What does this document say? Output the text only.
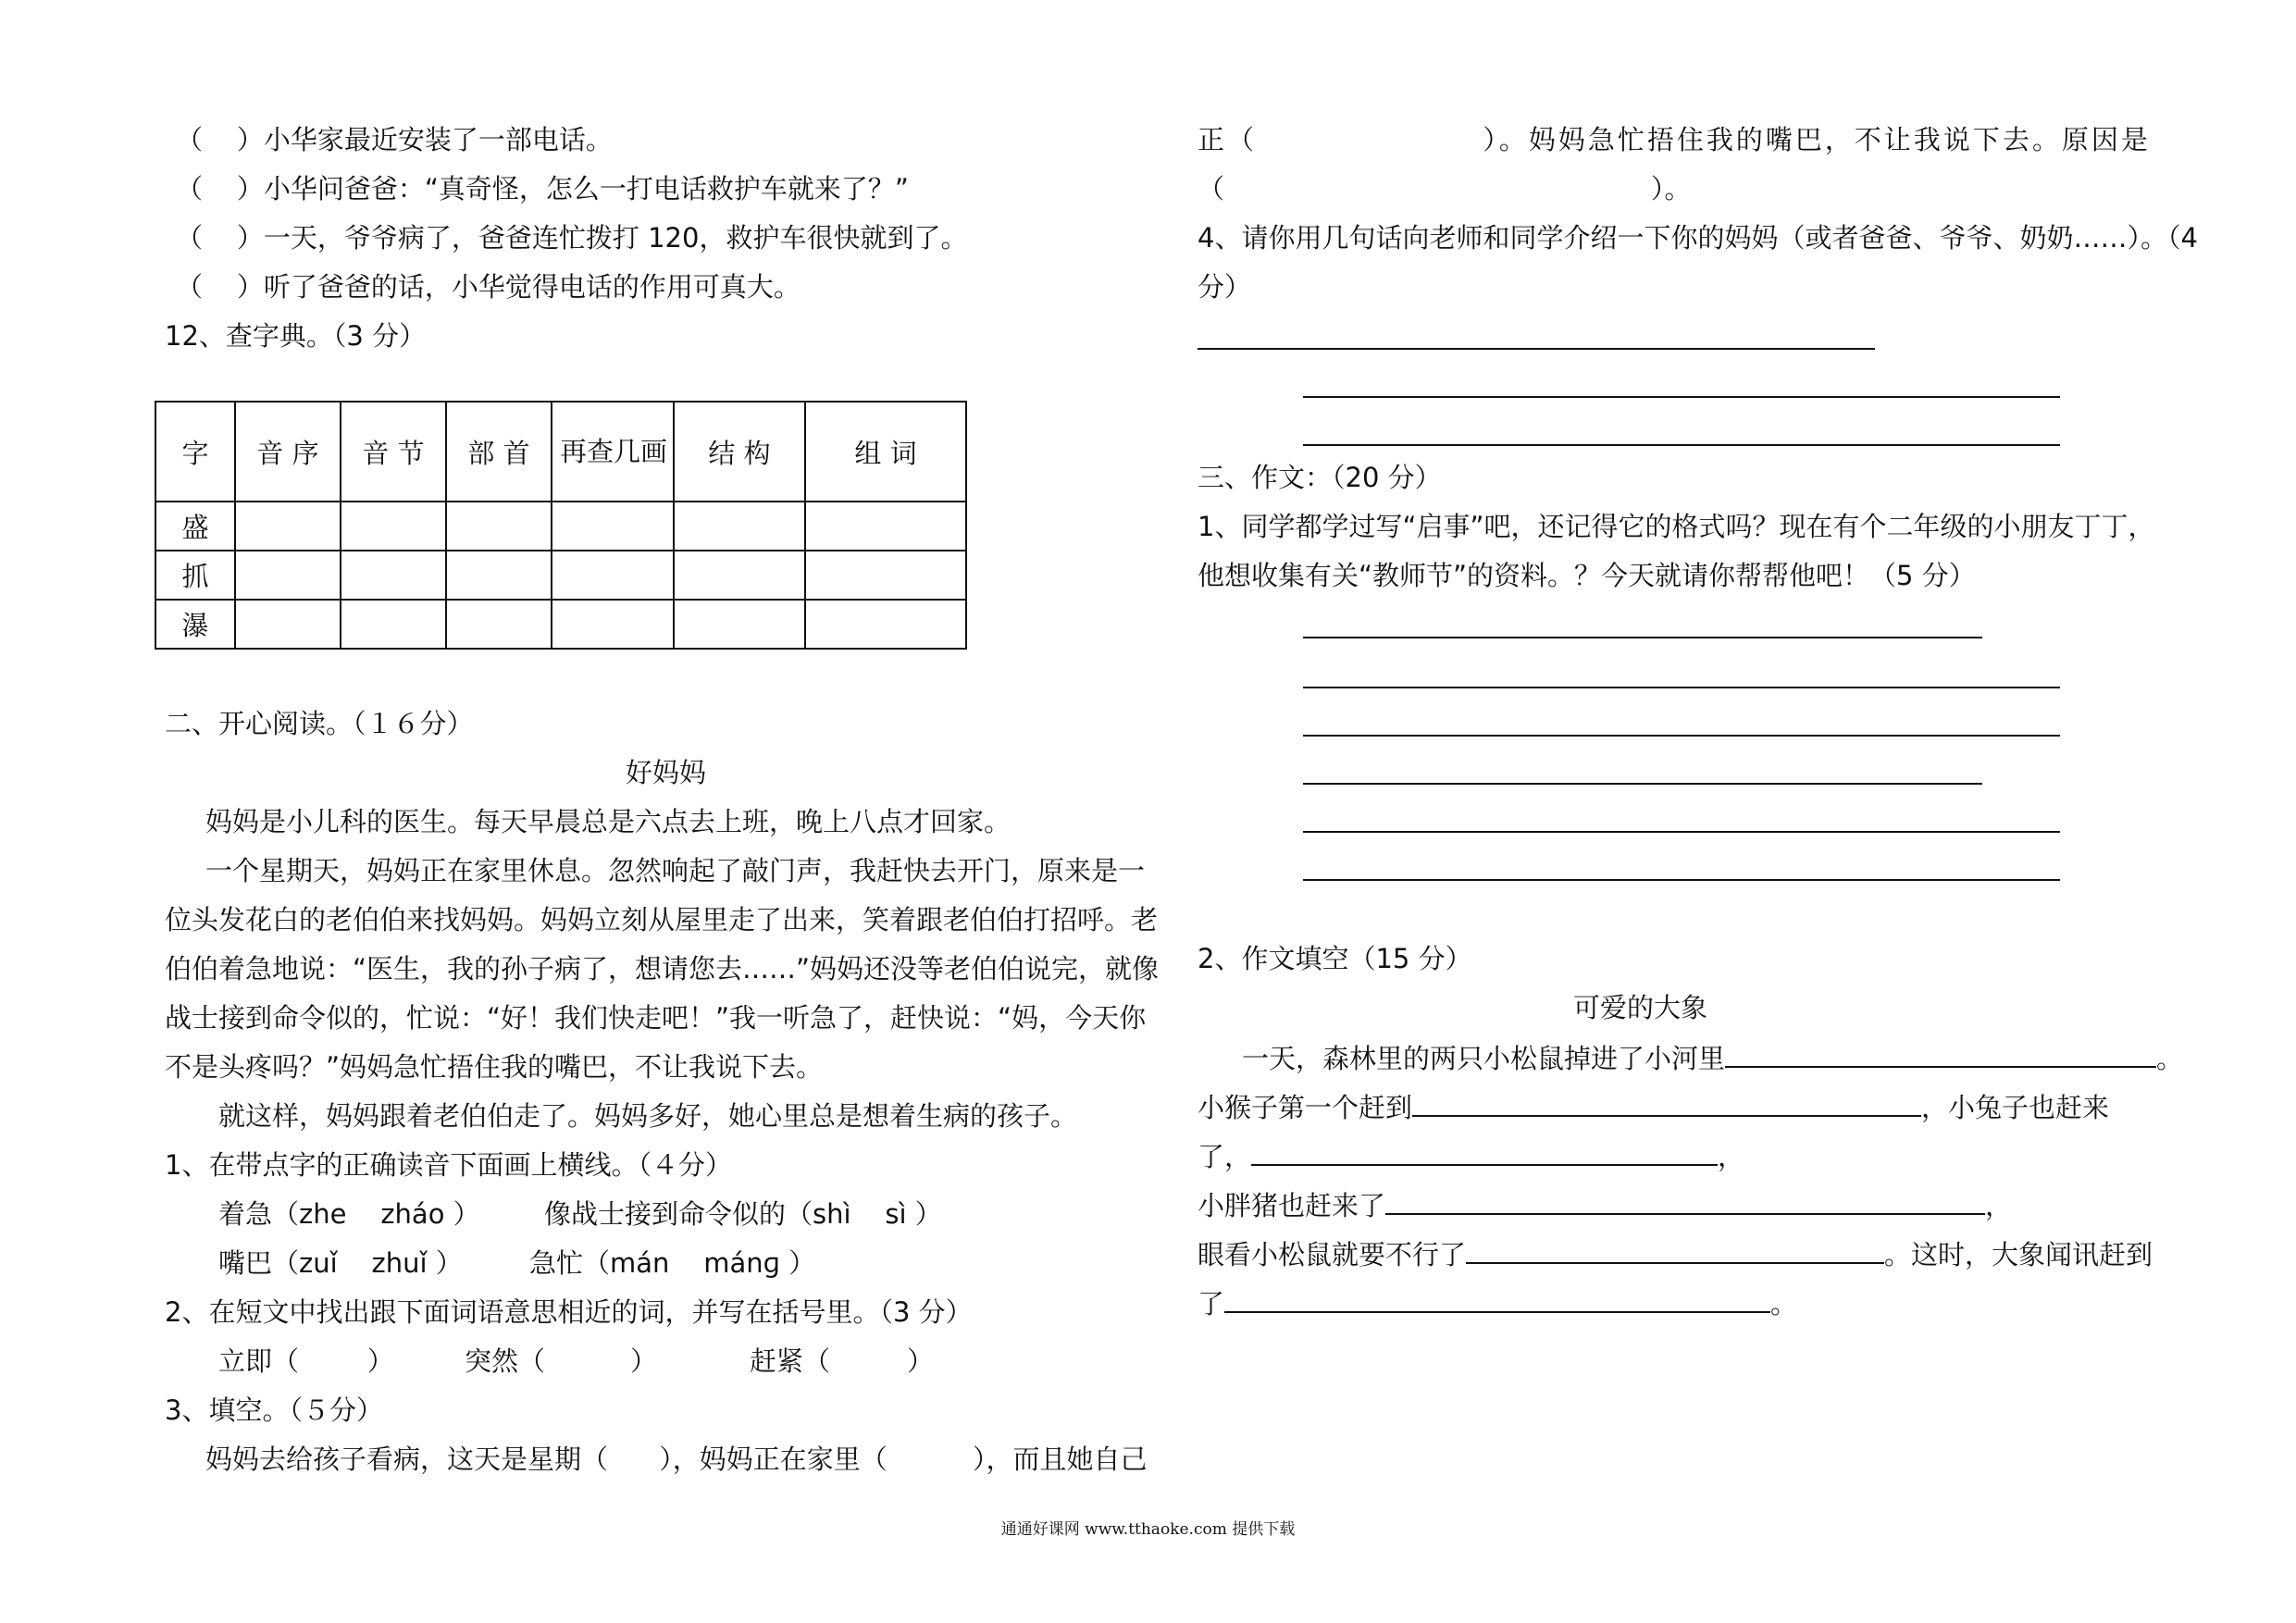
（    ）小华家最近安装了一部电话。
（    ）小华问爸爸：“真奇怪，怎么一打电话救护车就来了？”
（    ）一天，爷爷病了，爸爸连忙拨打 120，救护车很快就到了。
（    ）听了爸爸的话，小华觉得电话的作用可真大。
12、查字典。（3 分）
字	音 序	音 节	部 首	再查几画	结 构	组 词
盛						
抓						
瀑						
二、开心阅读。（１６分）
好妈妈
妈妈是小儿科的医生。每天早晨总是六点去上班，晚上八点才回家。
一个星期天，妈妈正在家里休息。忽然响起了敲门声，我赶快去开门，原来是一
位头发花白的老伯伯来找妈妈。妈妈立刻从屋里走了出来，笑着跟老伯伯打招呼。老
伯伯着急地说：“医生，我的孙子病了，想请您去……”妈妈还没等老伯伯说完，就像
战士接到命令似的，忙说：“好！我们快走吧！”我一听急了，赶快说：“妈，今天你
不是头疼吗？”妈妈急忙捂住我的嘴巴，不让我说下去。
就这样，妈妈跟着老伯伯走了。妈妈多好，她心里总是想着生病的孩子。
1、在带点字的正确读音下面画上横线。（４分）
着急（zhe    zháo ） 像战士接到命令似的（shì    sì ）
嘴巴（zuǐ    zhuǐ ） 急忙（mán    mánɡ ）
2、在短文中找出跟下面词语意思相近的词，并写在括号里。（3 分）
立即（        ）	突然（          ）	赶紧（         ）
3、填空。（５分）
妈妈去给孩子看病，这天是星期（      ），妈妈正在家里（          ），而且她自己
正（                    ）。妈妈急忙捂住我的嘴巴，不让我说下去。原因是
（                                                  ）。
4、请你用几句话向老师和同学介绍一下你的妈妈（或者爸爸、爷爷、奶奶……）。（4
分）
三、作文：（20 分）
1、同学都学过写“启事”吧，还记得它的格式吗？现在有个二年级的小朋友丁丁，
他想收集有关“教师节”的资料。？今天就请你帮帮他吧！（5 分）
2、作文填空（15 分）
可爱的大象
一天，森林里的两只小松鼠掉进了小河里	。
小猴子第一个赶到	，小兔子也赶来
了，	，
小胖猪也赶来了	，
眼看小松鼠就要不行了	。这时，大象闻讯赶到
了	。
通通好课网 www.tthaoke.com 提供下载
